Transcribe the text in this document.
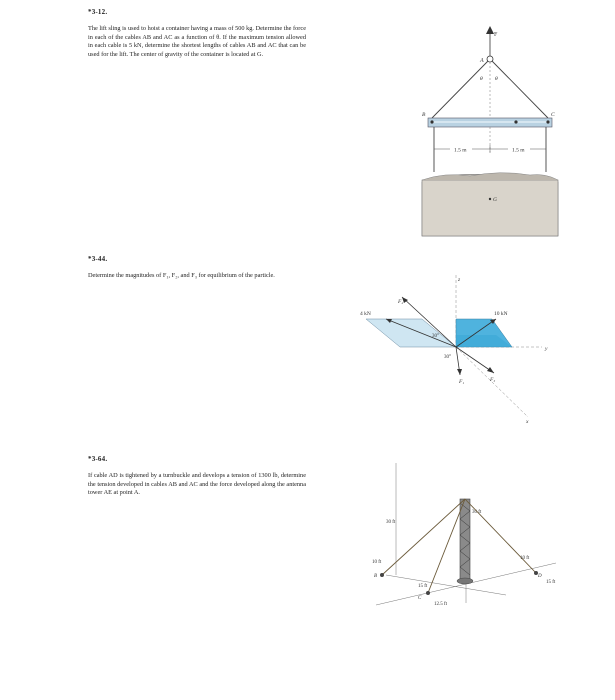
*3-12.
The lift sling is used to hoist a container having a mass of 500 kg. Determine the force in each of the cables AB and AC as a function of θ. If the maximum tension allowed in each cable is 5 kN, determine the shortest lengths of cables AB and AC that can be used for the lift. The center of gravity of the container is located at G.
F
A
θ θ
B	C
1.5 m	1.5 m
G
*3-44.
Determine the magnitudes of F₁, F₂, and F₃ for equilibrium of the particle.
z
y
x
4 kN	10 kN
F₂
F₁	F₃
30°
30°
*3-64.
If cable AD is tightened by a turnbuckle and develops a tension of 1300 lb, determine the tension developed in cables AB and AC and the force developed along the antenna tower AE at point A.
30 ft
30 ft
B
C
D
10 ft
10 ft
15 ft
15 ft
12.5 ft
